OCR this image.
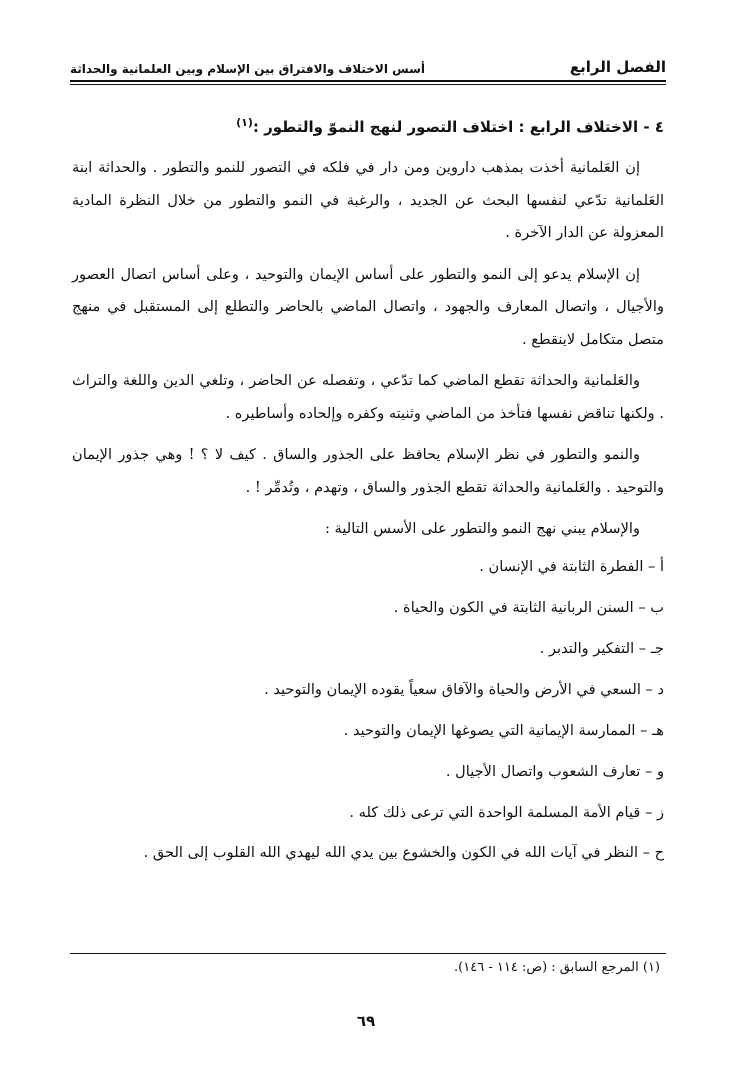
الفصل الرابع
أسس الاختلاف والافتراق بين الإسلام وبين العلمانية والحداثة
٤ - الاختلاف الرابع : اختلاف التصور لنهج النموّ والتطور :$^{(١)}$

إن العَلمانية أخذت بمذهب داروين ومن دار في فلكه في التصور للنمو والتطور . والحداثة ابنة العَلمانية تدّعي لنفسها البحث عن الجديد ، والرغبة في النمو والتطور من خلال النظرة المادية المعزولة عن الدار الآخرة .

إن الإسلام يدعو إلى النمو والتطور على أساس الإيمان والتوحيد ، وعلى أساس اتصال العصور والأجيال ، واتصال المعارف والجهود ، واتصال الماضي بالحاضر والتطلع إلى المستقبل في منهج متصل متكامل لاينقطع .

والعَلمانية والحداثة تقطع الماضي كما تدّعي ، وتفصله عن الحاضر ، وتلغي الدين واللغة والتراث . ولكنها تناقض نفسها فتأخذ من الماضي وثنيته وكفره وإلحاده وأساطيره .

والنمو والتطور في نظر الإسلام يحافظ على الجذور والساق . كيف لا ؟ ! وهي جذور الإيمان والتوحيد . والعَلمانية والحداثة تقطع الجذور والساق ، وتهدم ، وتُدمِّر ! .

والإسلام يبني نهج النمو والتطور على الأسس التالية :

أ – الفطرة الثابتة في الإنسان .
ب – السنن الربانية الثابتة في الكون والحياة .
جـ – التفكير والتدبر .
د – السعي في الأرض والحياة والآفاق سعياً يقوده الإيمان والتوحيد .
هـ – الممارسة الإيمانية التي يصوغها الإيمان والتوحيد .
و – تعارف الشعوب واتصال الأجيال .
ز – قيام الأمة المسلمة الواحدة التي ترعى ذلك كله .
ح – النظر في آيات الله في الكون والخشوع بين يدي الله ليهدي الله القلوب إلى الحق .
(١) المرجع السابق : (ص: ١١٤ - ١٤٦).
٦٩
